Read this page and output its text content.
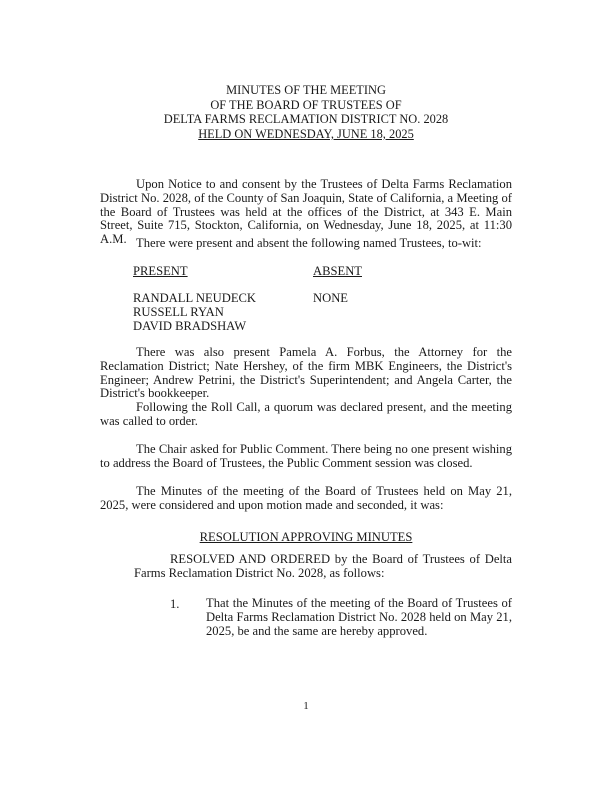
MINUTES OF THE MEETING
OF THE BOARD OF TRUSTEES OF
DELTA FARMS RECLAMATION DISTRICT NO. 2028
HELD ON WEDNESDAY, JUNE 18, 2025

Upon Notice to and consent by the Trustees of Delta Farms Reclamation District No. 2028, of the County of San Joaquin, State of California, a Meeting of the Board of Trustees was held at the offices of the District, at 343 E. Main Street, Suite 715, Stockton, California, on Wednesday, June 18, 2025, at 11:30 A.M. There were present and absent the following named Trustees, to-wit:

PRESENT	ABSENT
RANDALL NEUDECK
RUSSELL RYAN
DAVID BRADSHAW
NONE

There was also present Pamela A. Forbus, the Attorney for the Reclamation District; Nate Hershey, of the firm MBK Engineers, the District's Engineer; Andrew Petrini, the District's Superintendent; and Angela Carter, the District's bookkeeper.

Following the Roll Call, a quorum was declared present, and the meeting was called to order.

The Chair asked for Public Comment. There being no one present wishing to address the Board of Trustees, the Public Comment session was closed.

The Minutes of the meeting of the Board of Trustees held on May 21, 2025, were considered and upon motion made and seconded, it was:

RESOLUTION APPROVING MINUTES

RESOLVED AND ORDERED by the Board of Trustees of Delta Farms Reclamation District No. 2028, as follows:

1. That the Minutes of the meeting of the Board of Trustees of Delta Farms Reclamation District No. 2028 held on May 21, 2025, be and the same are hereby approved.

1
